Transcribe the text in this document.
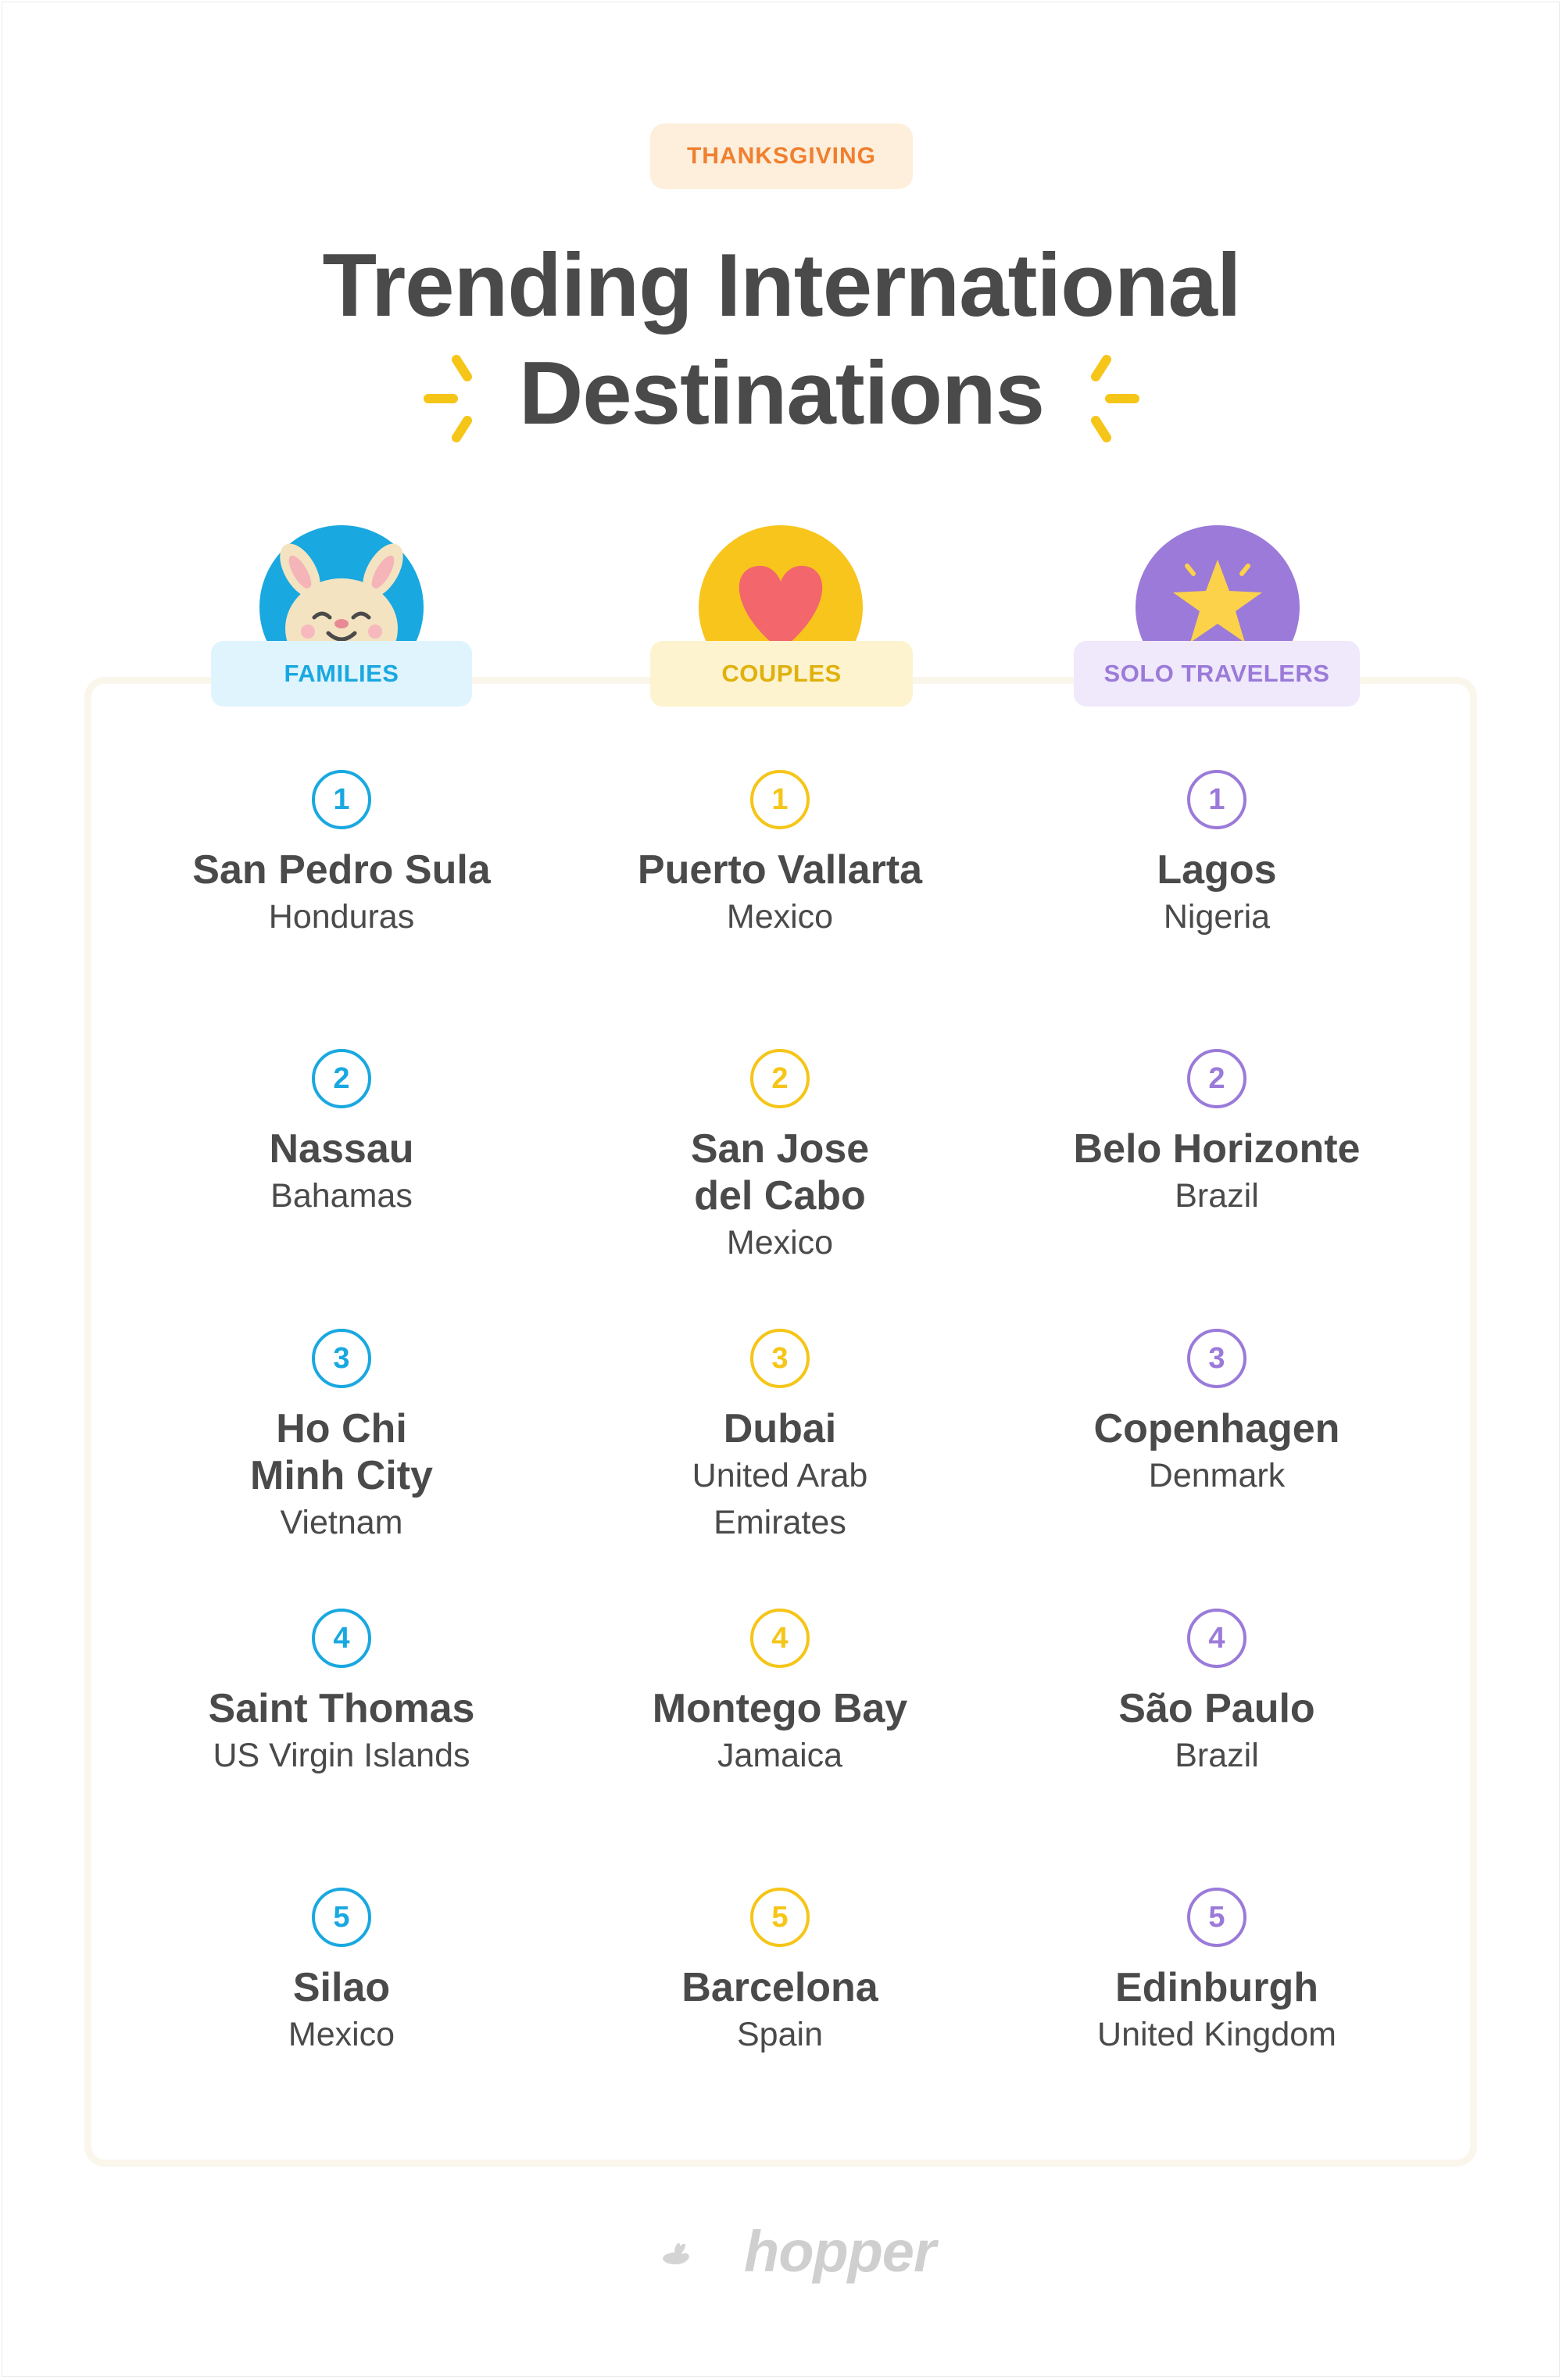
THANKSGIVING
Trending International
Destinations
FAMILIES	COUPLES	SOLO TRAVELERS
1
San Pedro Sula
Honduras
2
Nassau
Bahamas
3
Ho Chi
Minh City
Vietnam
4
Saint Thomas
US Virgin Islands
5
Silao
Mexico
1
Puerto Vallarta
Mexico
2
San Jose
del Cabo
Mexico
3
Dubai
United Arab
Emirates
4
Montego Bay
Jamaica
5
Barcelona
Spain
1
Lagos
Nigeria
2
Belo Horizonte
Brazil
3
Copenhagen
Denmark
4
São Paulo
Brazil
5
Edinburgh
United Kingdom
hopper
